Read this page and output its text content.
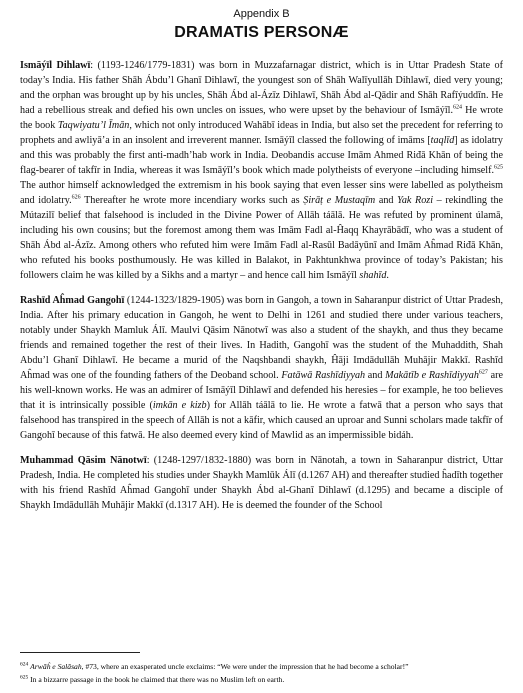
Appendix B
DRAMATIS PERSONÆ

Ismāýīl Dihlawī: (1193-1246/1779-1831) was born in Muzzafarnagar district, which is in Uttar Pradesh State of today’s India. His father Shāh Ábdu’l Ghanī Dihlawī, the youngest son of Shāh Walīyullāh Dihlawī, died very young; and the orphan was brought up by his uncles, Shāh Ábd al-Ázīz Dihlawī, Shāh Ábd al-Qādir and Shāh Rafīýuddīn. He had a rebellious streak and defied his own uncles on issues, who were upset by the behaviour of Ismāýīl.$^{624}$ He wrote the book Taqwiyatu’l Īmān, which not only introduced Wahābī ideas in India, but also set the precedent for referring to prophets and awliyā’a in an insolent and irreverent manner. Ismāýīl classed the following of imāms [taqlīd] as idolatry and this was probably the first anti-madh’hab work in India. Deobandis accuse Imām Ahmed Riđā Khān of being the flag-bearer of takfīr in India, whereas it was Ismāýīl’s book which made polytheists of everyone –including himself.$^{625}$ The author himself acknowledged the extremism in his book saying that even lesser sins were labelled as polytheism and idolatry.$^{626}$ Thereafter he wrote more incendiary works such as Ṣirāṭ e Mustaqīm and Yak Rozi – rekindling the Mútazilī belief that falsehood is included in the Divine Power of Allāh táālā. He was refuted by prominent úlamā, including his own cousins; but the foremost among them was Imām Fadl al-Ĥaqq Khayrābādī, who was a student of Shāh Ábd al-Ázīz. Among others who refuted him were Imām Fadl al-Rasūl Badāyūnī and Imām Aĥmad Riđā Khān, who refuted his books posthumously. He was killed in Balakot, in Pakhtunkhwa province of today’s Pakistan; his followers claim he was killed by a Sikhs and a martyr – and hence call him Ismāýīl shahīd.

Rashīd Aĥmad Gangohī (1244-1323/1829-1905) was born in Gangoh, a town in Saharanpur district of Uttar Pradesh, India. After his primary education in Gangoh, he went to Delhi in 1261 and studied there under various teachers, notably under Shaykh Mamluk Álī. Maulvi Qāsim Nānotwī was also a student of the shaykh, and thus they became friends and remained together the rest of their lives. In Hadith, Gangohī was the student of the Muhaddith, Shah Abdu’l Ghanī Dihlawī. He became a murid of the Naqshbandi shaykh, Ĥāji Imdādullāh Muhājir Makkī. Rashīd Aĥmad was one of the founding fathers of the Deoband school. Fatāwā Rashīdiyyah and Makātīb e Rashīdiyyah$^{627}$ are his well-known works. He was an admirer of Ismāýīl Dihlawī and defended his heresies – for example, he too believes that it is intrinsically possible (imkān e kizb) for Allāh táālā to lie. He wrote a fatwā that a person who says that falsehood has transpired in the speech of Allāh is not a kāfir, which caused an uproar and Sunni scholars made takfīr of Gangohī because of this fatwā. He also deemed every kind of Mawlid as an impermissible bidáh.

Muhammad Qāsim Nānotwī: (1248-1297/1832-1880) was born in Nānotah, a town in Saharanpur district, Uttar Pradesh, India. He completed his studies under Shaykh Mamlūk Álī (d.1267 AH) and thereafter studied ĥadīth together with his friend Rashīd Aĥmad Gangohī under Shaykh Ábd al-Ghanī Dihlawī (d.1295) and became a disciple of Shaykh Imdādullāh Muhājir Makkī (d.1317 AH). He is deemed the founder of the School

$^{624}$ Arwāĥ e Salāsah, #73, where an exasperated uncle exclaims: “We were under the impression that he had become a scholar!”
$^{625}$ In a bizzarre passage in the book he claimed that there was no Muslim left on earth.
